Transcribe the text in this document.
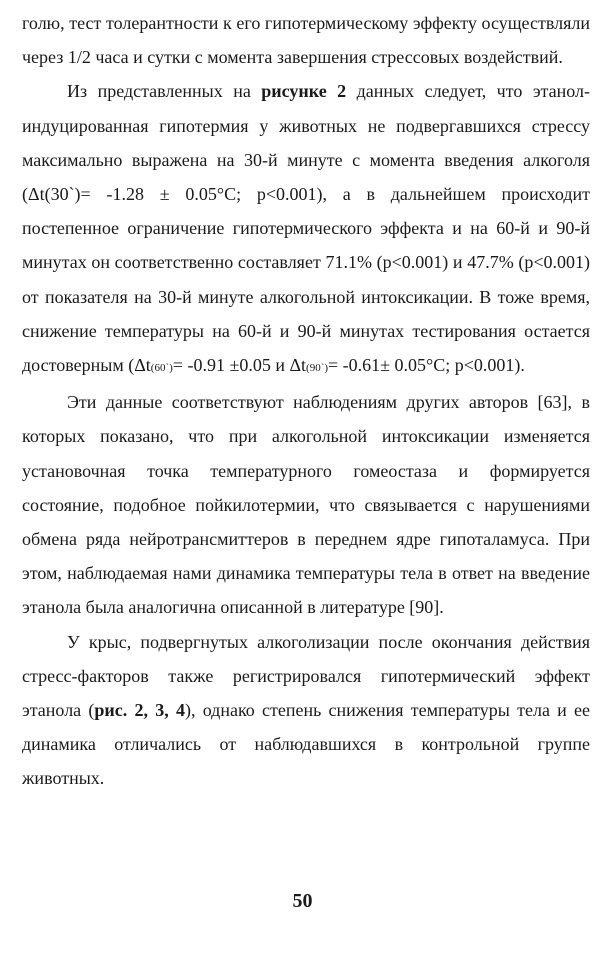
голю, тест толерантности к его гипотермическому эффекту осуществляли через 1/2 часа и сутки с момента завершения стрессовых воздействий.

Из представленных на рисунке 2 данных следует, что этанол-индуцированная гипотермия у животных не подвергавшихся стрессу максимально выражена на 30-й минуте с момента введения алкоголя (Δt(30`)= -1.28 ± 0.05°С; p<0.001), а в дальнейшем происходит постепенное ограничение гипотермического эффекта и на 60-й и 90-й минутах он соответственно составляет 71.1% (p<0.001) и 47.7% (p<0.001) от показателя на 30-й минуте алкогольной интоксикации. В тоже время, снижение температуры на 60-й и 90-й минутах тестирования остается достоверным (Δt(60`)= -0.91 ±0.05 и Δt(90`)= -0.61± 0.05°С; p<0.001).

Эти данные соответствуют наблюдениям других авторов [63], в которых показано, что при алкогольной интоксикации изменяется установочная точка температурного гомеостаза и формируется состояние, подобное пойкилотермии, что связывается с нарушениями обмена ряда нейротрансмиттеров в переднем ядре гипоталамуса. При этом, наблюдаемая нами динамика температуры тела в ответ на введение этанола была аналогична описанной в литературе [90].

У крыс, подвергнутых алкоголизации после окончания действия стресс-факторов также регистрировался гипотермический эффект этанола (рис. 2, 3, 4), однако степень снижения температуры тела и ее динамика отличались от наблюдавшихся в контрольной группе животных.

50
